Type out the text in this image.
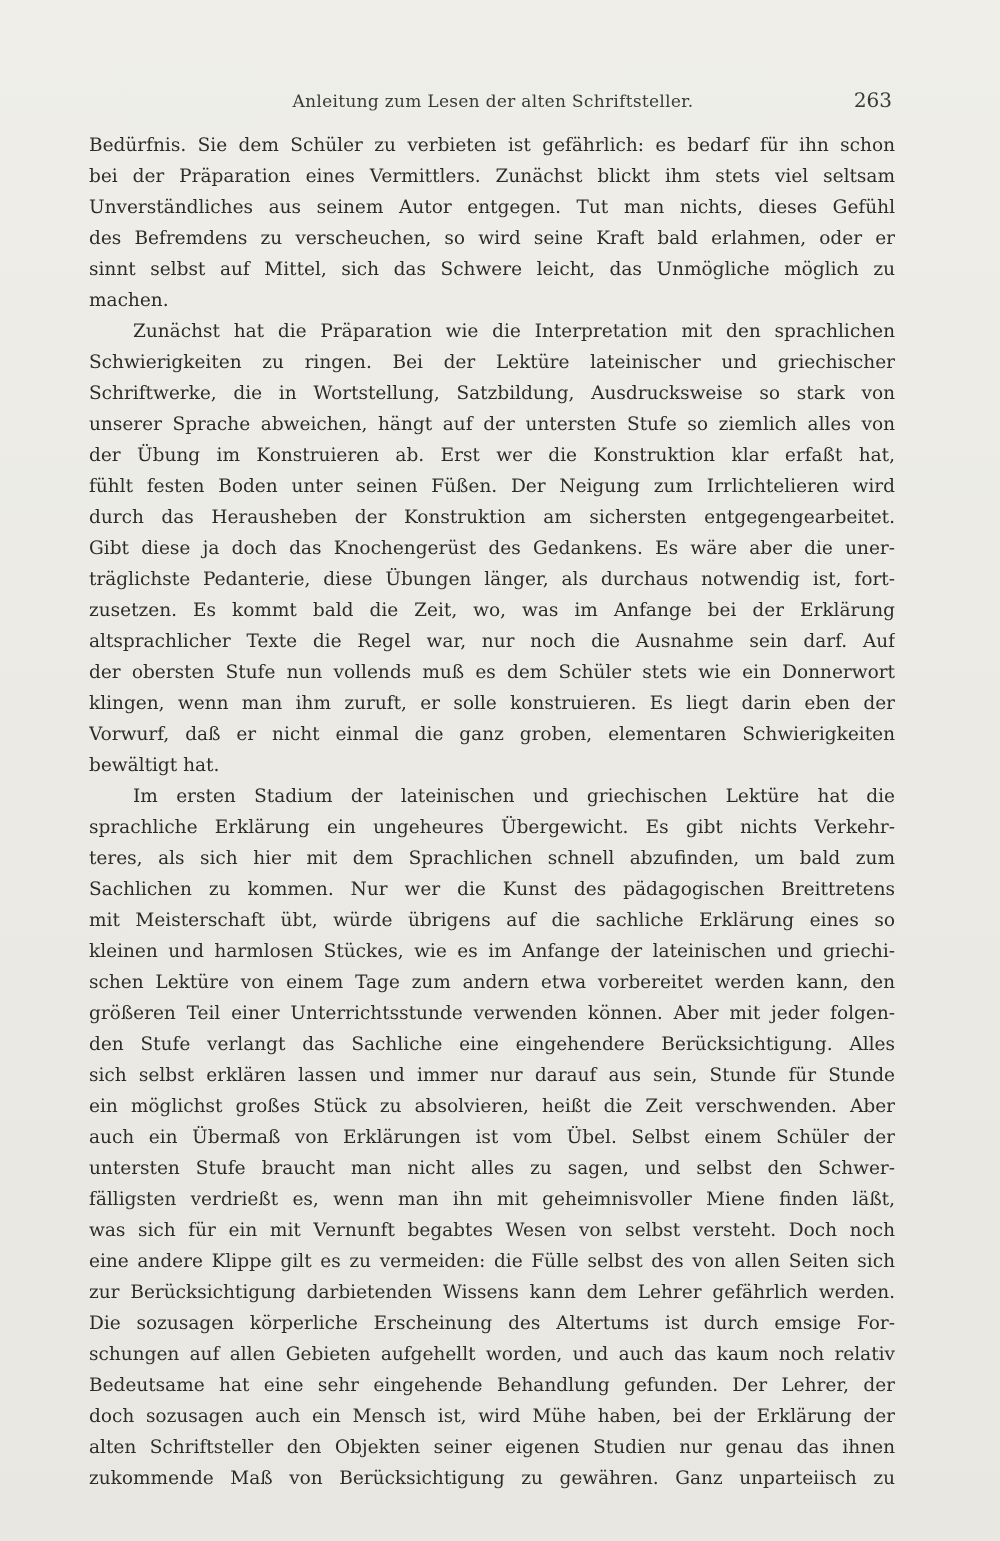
Anleitung zum Lesen der alten Schriftsteller.	263
Bedürfnis. Sie dem Schüler zu verbieten ist gefährlich: es bedarf für ihn schon
bei der Präparation eines Vermittlers. Zunächst blickt ihm stets viel seltsam
Unverständliches aus seinem Autor entgegen. Tut man nichts, dieses Gefühl
des Befremdens zu verscheuchen, so wird seine Kraft bald erlahmen, oder er
sinnt selbst auf Mittel, sich das Schwere leicht, das Unmögliche möglich zu
machen.
Zunächst hat die Präparation wie die Interpretation mit den sprachlichen
Schwierigkeiten zu ringen. Bei der Lektüre lateinischer und griechischer
Schriftwerke, die in Wortstellung, Satzbildung, Ausdrucksweise so stark von
unserer Sprache abweichen, hängt auf der untersten Stufe so ziemlich alles von
der Übung im Konstruieren ab. Erst wer die Konstruktion klar erfaßt hat,
fühlt festen Boden unter seinen Füßen. Der Neigung zum Irrlichtelieren wird
durch das Herausheben der Konstruktion am sichersten entgegengearbeitet.
Gibt diese ja doch das Knochengerüst des Gedankens. Es wäre aber die uner-
träglichste Pedanterie, diese Übungen länger, als durchaus notwendig ist, fort-
zusetzen. Es kommt bald die Zeit, wo, was im Anfange bei der Erklärung
altsprachlicher Texte die Regel war, nur noch die Ausnahme sein darf. Auf
der obersten Stufe nun vollends muß es dem Schüler stets wie ein Donnerwort
klingen, wenn man ihm zuruft, er solle konstruieren. Es liegt darin eben der
Vorwurf, daß er nicht einmal die ganz groben, elementaren Schwierigkeiten
bewältigt hat.
Im ersten Stadium der lateinischen und griechischen Lektüre hat die
sprachliche Erklärung ein ungeheures Übergewicht. Es gibt nichts Verkehr-
teres, als sich hier mit dem Sprachlichen schnell abzufinden, um bald zum
Sachlichen zu kommen. Nur wer die Kunst des pädagogischen Breittretens
mit Meisterschaft übt, würde übrigens auf die sachliche Erklärung eines so
kleinen und harmlosen Stückes, wie es im Anfange der lateinischen und griechi-
schen Lektüre von einem Tage zum andern etwa vorbereitet werden kann, den
größeren Teil einer Unterrichtsstunde verwenden können. Aber mit jeder folgen-
den Stufe verlangt das Sachliche eine eingehendere Berücksichtigung. Alles
sich selbst erklären lassen und immer nur darauf aus sein, Stunde für Stunde
ein möglichst großes Stück zu absolvieren, heißt die Zeit verschwenden. Aber
auch ein Übermaß von Erklärungen ist vom Übel. Selbst einem Schüler der
untersten Stufe braucht man nicht alles zu sagen, und selbst den Schwer-
fälligsten verdrießt es, wenn man ihn mit geheimnisvoller Miene finden läßt,
was sich für ein mit Vernunft begabtes Wesen von selbst versteht. Doch noch
eine andere Klippe gilt es zu vermeiden: die Fülle selbst des von allen Seiten sich
zur Berücksichtigung darbietenden Wissens kann dem Lehrer gefährlich werden.
Die sozusagen körperliche Erscheinung des Altertums ist durch emsige For-
schungen auf allen Gebieten aufgehellt worden, und auch das kaum noch relativ
Bedeutsame hat eine sehr eingehende Behandlung gefunden. Der Lehrer, der
doch sozusagen auch ein Mensch ist, wird Mühe haben, bei der Erklärung der
alten Schriftsteller den Objekten seiner eigenen Studien nur genau das ihnen
zukommende Maß von Berücksichtigung zu gewähren. Ganz unparteiisch zu
